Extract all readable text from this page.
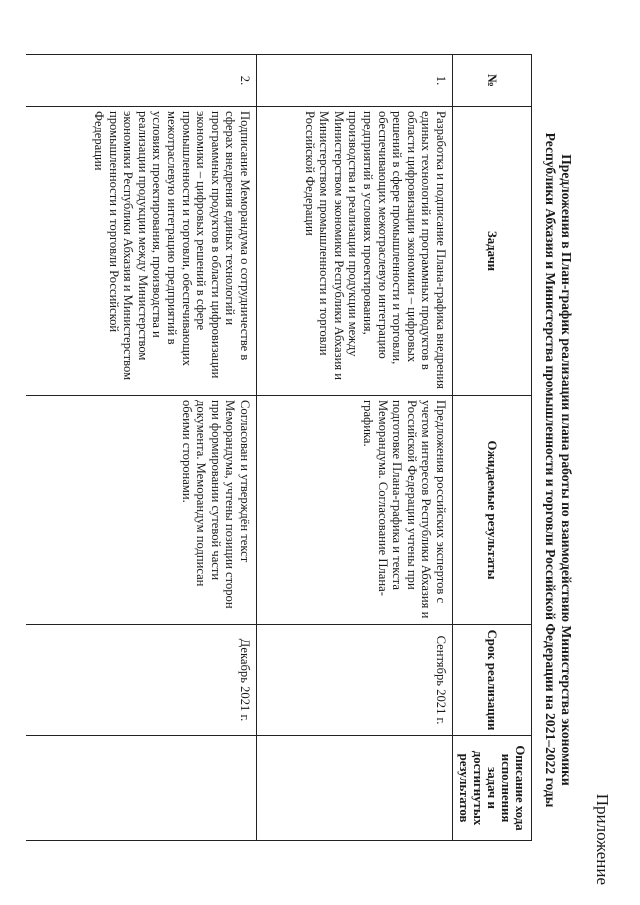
Приложение
Предложения в План-график реализации плана работы по взаимодействию Министерства экономики
Республики Абхазия и Министерства промышленности и торговли Российской Федерации на 2021–2022 годы
№	Задачи	Ожидаемые результаты	Срок реализации	Описание хода исполнения задач и достигнутых результатов
1.	Разработка и подписание Плана-графика внедрения единых технологий и программных продуктов в области цифровизации экономики – цифровых решений в сфере промышленности и торговли, обеспечивающих межотраслевую интеграцию предприятий в условиях проектирования, производства и реализации продукции между Министерством экономики Республики Абхазия и Министерством промышленности и торговли Российской Федерации	Предложения российских экспертов с учетом интересов Республики Абхазия и Российской Федерации учтены при подготовке Плана-графика и текста Меморандума. Согласование Плана-графика.	Сентябрь 2021 г.	
2.	Подписание Меморандума о сотрудничестве в сферах внедрения единых технологий и программных продуктов в области цифровизации экономики – цифровых решений в сфере промышленности и торговли, обеспечивающих межотраслевую интеграцию предприятий в условиях проектирования, производства и реализации продукции между Министерством экономики Республики Абхазия и Министерством промышленности и торговли Российской Федерации	Согласован и утверждён текст Меморандума, учтены позиции сторон при формировании сутевой части документа. Меморандум подписан обеими сторонами.	Декабрь 2021 г.	
